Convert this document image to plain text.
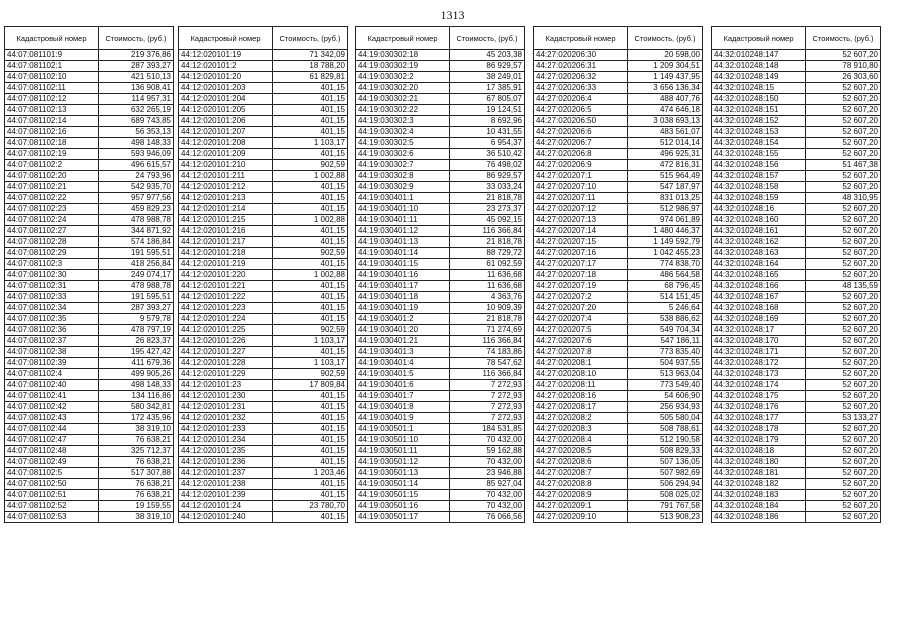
1313
Кадастровый номер	Стоимость, (руб.)
44:07:081101:9	219 376,86
44:07:081102:1	287 393,27
44:07:081102:10	421 510,13
44:07:081102:11	136 908,41
44:07:081102:12	114 957,31
44:07:081102:13	632 265,19
44:07:081102:14	689 743,85
44:07:081102:16	56 353,13
44:07:081102:18	498 148,33
44:07:081102:19	593 946,09
44:07:081102:2	496 615,57
44:07:081102:20	24 793,96
44:07:081102:21	542 935,70
44:07:081102:22	957 977,56
44:07:081102:23	459 829,23
44:07:081102:24	478 988,78
44:07:081102:27	344 871,92
44:07:081102:28	574 186,84
44:07:081102:29	191 595,51
44:07:081102:3	418 256,84
44:07:081102:30	249 074,17
44:07:081102:31	478 988,78
44:07:081102:33	191 595,51
44:07:081102:34	287 393,27
44:07:081102:35	9 579,78
44:07:081102:36	478 797,19
44:07:081102:37	26 823,37
44:07:081102:38	195 427,42
44:07:081102:39	411 679,36
44:07:081102:4	499 905,26
44:07:081102:40	498 148,33
44:07:081102:41	134 116,86
44:07:081102:42	580 342,81
44:07:081102:43	172 435,96
44:07:081102:44	38 319,10
44:07:081102:47	76 638,21
44:07:081102:48	325 712,37
44:07:081102:49	76 638,21
44:07:081102:5	517 307,88
44:07:081102:50	76 638,21
44:07:081102:51	76 638,21
44:07:081102:52	19 159,55
44:07:081102:53	38 319,10
Кадастровый номер	Стоимость, (руб.)
44:12:020101:19	71 342,09
44:12:020101:2	18 788,20
44:12:020101:20	61 829,81
44:12:020101:203	401,15
44:12:020101:204	401,15
44:12:020101:205	401,15
44:12:020101:206	401,15
44:12:020101:207	401,15
44:12:020101:208	1 103,17
44:12:020101:209	401,15
44:12:020101:210	902,59
44:12:020101:211	1 002,88
44:12:020101:212	401,15
44:12:020101:213	401,15
44:12:020101:214	401,15
44:12:020101:215	1 002,88
44:12:020101:216	401,15
44:12:020101:217	401,15
44:12:020101:218	902,59
44:12:020101:219	401,15
44:12:020101:220	1 002,88
44:12:020101:221	401,15
44:12:020101:222	401,15
44:12:020101:223	401,15
44:12:020101:224	401,15
44:12:020101:225	902,59
44:12:020101:226	1 103,17
44:12:020101:227	401,15
44:12:020101:228	1 103,17
44:12:020101:229	902,59
44:12:020101:23	17 809,84
44:12:020101:230	401,15
44:12:020101:231	401,15
44:12:020101:232	401,15
44:12:020101:233	401,15
44:12:020101:234	401,15
44:12:020101:235	401,15
44:12:020101:236	401,15
44:12:020101:237	1 203,46
44:12:020101:238	401,15
44:12:020101:239	401,15
44:12:020101:24	23 780,70
44:12:020101:240	401,15
Кадастровый номер	Стоимость, (руб.)
44:19:030302:18	45 203,38
44:19:030302:19	86 929,57
44:19:030302:2	38 249,01
44:19:030302:20	17 385,91
44:19:030302:21	67 805,07
44:19:030302:22	19 124,51
44:19:030302:3	8 692,96
44:19:030302:4	10 431,55
44:19:030302:5	6 954,37
44:19:030302:6	36 510,42
44:19:030302:7	76 498,02
44:19:030302:8	86 929,57
44:19:030302:9	33 033,24
44:19:030401:1	21 818,78
44:19:030401:10	23 273,37
44:19:030401:11	45 092,15
44:19:030401:12	116 366,84
44:19:030401:13	21 818,78
44:19:030401:14	88 729,72
44:19:030401:15	61 092,59
44:19:030401:16	11 636,68
44:19:030401:17	11 636,68
44:19:030401:18	4 363,76
44:19:030401:19	10 909,39
44:19:030401:2	21 818,78
44:19:030401:20	71 274,69
44:19:030401:21	116 366,84
44:19:030401:3	74 183,86
44:19:030401:4	78 547,62
44:19:030401:5	116 366,84
44:19:030401:6	7 272,93
44:19:030401:7	7 272,93
44:19:030401:8	7 272,93
44:19:030401:9	7 272,93
44:19:030501:1	184 531,85
44:19:030501:10	70 432,00
44:19:030501:11	59 162,88
44:19:030501:12	70 432,00
44:19:030501:13	23 946,88
44:19:030501:14	85 927,04
44:19:030501:15	70 432,00
44:19:030501:16	70 432,00
44:19:030501:17	76 066,56
Кадастровый номер	Стоимость, (руб.)
44:27:020206:30	20 598,00
44:27:020206:31	1 209 304,51
44:27:020206:32	1 149 437,95
44:27:020206:33	3 656 136,34
44:27:020206:4	488 407,76
44:27:020206:5	474 646,18
44:27:020206:50	3 038 693,13
44:27:020206:6	483 561,07
44:27:020206:7	512 014,14
44:27:020206:8	496 925,31
44:27:020206:9	472 816,31
44:27:020207:1	515 964,49
44:27:020207:10	547 187,97
44:27:020207:11	831 013,25
44:27:020207:12	512 986,97
44:27:020207:13	974 061,89
44:27:020207:14	1 480 446,37
44:27:020207:15	1 149 592,79
44:27:020207:16	1 042 455,23
44:27:020207:17	774 838,70
44:27:020207:18	486 564,58
44:27:020207:19	68 796,45
44:27:020207:2	514 151,45
44:27:020207:20	5 246,64
44:27:020207:4	538 886,62
44:27:020207:5	549 704,34
44:27:020207:6	547 186,11
44:27:020207:8	773 835,40
44:27:020208:1	504 937,55
44:27:020208:10	513 963,04
44:27:020208:11	773 549,40
44:27:020208:16	54 606,90
44:27:020208:17	256 934,93
44:27:020208:2	505 580,04
44:27:020208:3	508 788,61
44:27:020208:4	512 190,58
44:27:020208:5	508 829,33
44:27:020208:6	507 136,05
44:27:020208:7	507 982,69
44:27:020208:8	506 294,94
44:27:020208:9	508 025,02
44:27:020209:1	791 767,58
44:27:020209:10	513 908,23
Кадастровый номер	Стоимость, (руб.)
44:32:010248:147	52 607,20
44:32:010248:148	78 910,80
44:32:010248:149	26 303,60
44:32:010248:15	52 607,20
44:32:010248:150	52 607,20
44:32:010248:151	52 607,20
44:32:010248:152	52 607,20
44:32:010248:153	52 607,20
44:32:010248:154	52 607,20
44:32:010248:155	52 607,20
44:32:010248:156	51 467,38
44:32:010248:157	52 607,20
44:32:010248:158	52 607,20
44:32:010248:159	48 310,95
44:32:010248:16	52 607,20
44:32:010248:160	52 607,20
44:32:010248:161	52 607,20
44:32:010248:162	52 607,20
44:32:010248:163	52 607,20
44:32:010248:164	52 607,20
44:32:010248:165	52 607,20
44:32:010248:166	48 135,59
44:32:010248:167	52 607,20
44:32:010248:168	52 607,20
44:32:010248:169	52 607,20
44:32:010248:17	52 607,20
44:32:010248:170	52 607,20
44:32:010248:171	52 607,20
44:32:010248:172	52 607,20
44:32:010248:173	52 607,20
44:32:010248:174	52 607,20
44:32:010248:175	52 607,20
44:32:010248:176	52 607,20
44:32:010248:177	53 133,27
44:32:010248:178	52 607,20
44:32:010248:179	52 607,20
44:32:010248:18	52 607,20
44:32:010248:180	52 607,20
44:32:010248:181	52 607,20
44:32:010248:182	52 607,20
44:32:010248:183	52 607,20
44:32:010248:184	52 607,20
44:32:010248:186	52 607,20
